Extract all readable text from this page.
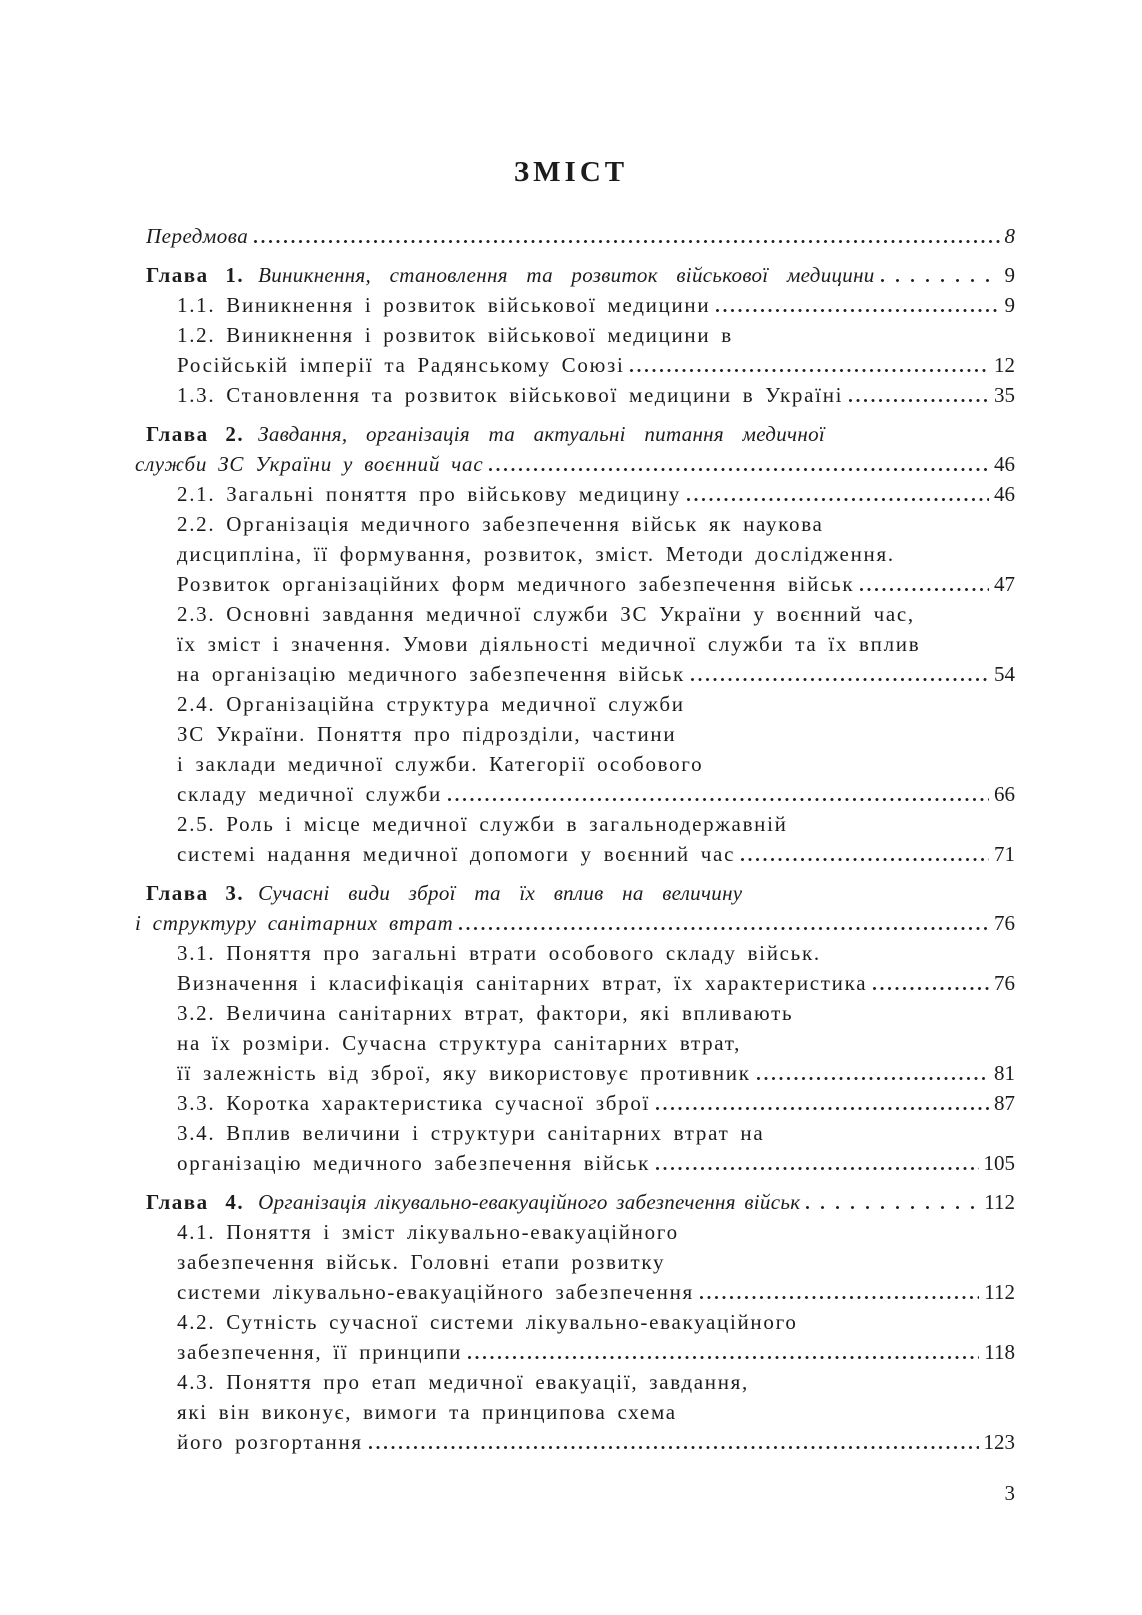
ЗМІСТ
Передмова	8
Глава 1. Виникнення, становлення та розвиток військової медицини	9
1.1. Виникнення і розвиток військової медицини	9
1.2. Виникнення і розвиток військової медицини в
Російській імперії та Радянському Союзі	12
1.3. Становлення та розвиток військової медицини в Україні	35
Глава 2. Завдання, організація та актуальні питання медичної
служби ЗС України у воєнний час	46
2.1. Загальні поняття про військову медицину	46
2.2. Організація медичного забезпечення військ як наукова
дисципліна, її формування, розвиток, зміст. Методи дослідження.
Розвиток організаційних форм медичного забезпечення військ	47
2.3. Основні завдання медичної служби ЗС України у воєнний час,
їх зміст і значення. Умови діяльності медичної служби та їх вплив
на організацію медичного забезпечення військ	54
2.4. Організаційна структура медичної служби
ЗС України. Поняття про підрозділи, частини
і заклади медичної служби. Категорії особового
складу медичної служби	66
2.5. Роль і місце медичної служби в загальнодержавній
системі надання медичної допомоги у воєнний час	71
Глава 3. Сучасні види зброї та їх вплив на величину
і структуру санітарних втрат	76
3.1. Поняття про загальні втрати особового складу військ.
Визначення і класифікація санітарних втрат, їх характеристика	76
3.2. Величина санітарних втрат, фактори, які впливають
на їх розміри. Сучасна структура санітарних втрат,
її залежність від зброї, яку використовує противник	81
3.3. Коротка характеристика сучасної зброї	87
3.4. Вплив величини і структури санітарних втрат на
організацію медичного забезпечення військ	105
Глава 4. Організація лікувально-евакуаційного забезпечення військ	112
4.1. Поняття і зміст лікувально-евакуаційного
забезпечення військ. Головні етапи розвитку
системи лікувально-евакуаційного забезпечення	112
4.2. Сутність сучасної системи лікувально-евакуаційного
забезпечення, її принципи	118
4.3. Поняття про етап медичної евакуації, завдання,
які він виконує, вимоги та принципова схема
його розгортання	123
3
